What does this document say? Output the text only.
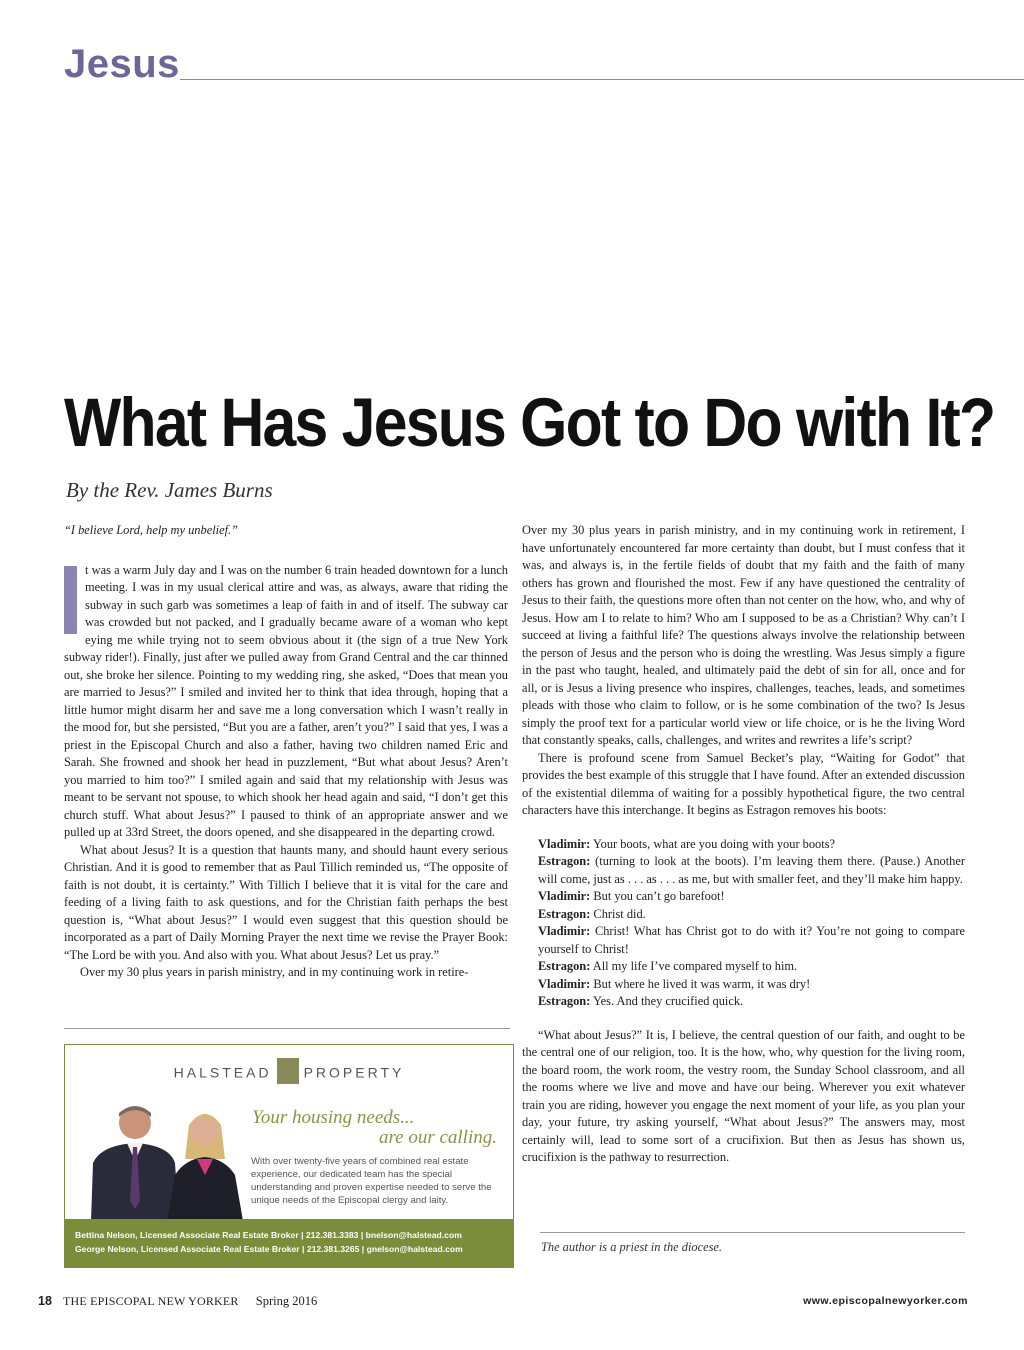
Jesus
What Has Jesus Got to Do with It?
By the Rev. James Burns

“I believe Lord, help my unbelief.”

t was a warm July day and I was on the number 6 train headed downtown for a lunch meeting. I was in my usual clerical attire and was, as always, aware that riding the subway in such garb was sometimes a leap of faith in and of itself. The subway car was crowded but not packed, and I gradually became aware of a woman who kept eying me while trying not to seem obvious about it (the sign of a true New York subway rider!). Finally, just after we pulled away from Grand Central and the car thinned out, she broke her silence. Pointing to my wedding ring, she asked, “Does that mean you are married to Jesus?” I smiled and invited her to think that idea through, hoping that a little humor might disarm her and save me a long conversation which I wasn’t really in the mood for, but she persisted, “But you are a father, aren’t you?” I said that yes, I was a priest in the Episcopal Church and also a father, having two children named Eric and Sarah. She frowned and shook her head in puzzlement, “But what about Jesus? Aren’t you married to him too?” I smiled again and said that my relationship with Jesus was meant to be servant not spouse, to which shook her head again and said, “I don’t get this church stuff. What about Jesus?” I paused to think of an appropriate answer and we pulled up at 33rd Street, the doors opened, and she disappeared in the departing crowd.

What about Jesus? It is a question that haunts many, and should haunt every serious Christian. And it is good to remember that as Paul Tillich reminded us, “The opposite of faith is not doubt, it is certainty.” With Tillich I believe that it is vital for the care and feeding of a living faith to ask questions, and for the Christian faith perhaps the best question is, “What about Jesus?” I would even suggest that this question should be incorporated as a part of Daily Morning Prayer the next time we revise the Prayer Book: “The Lord be with you. And also with you. What about Jesus? Let us pray.”

Over my 30 plus years in parish ministry, and in my continuing work in retire-

Over my 30 plus years in parish ministry, and in my continuing work in retirement, I have unfortunately encountered far more certainty than doubt, but I must confess that it was, and always is, in the fertile fields of doubt that my faith and the faith of many others has grown and flourished the most. Few if any have questioned the centrality of Jesus to their faith, the questions more often than not center on the how, who, and why of Jesus. How am I to relate to him? Who am I supposed to be as a Christian? Why can’t I succeed at living a faithful life? The questions always involve the relationship between the person of Jesus and the person who is doing the wrestling. Was Jesus simply a figure in the past who taught, healed, and ultimately paid the debt of sin for all, once and for all, or is Jesus a living presence who inspires, challenges, teaches, leads, and sometimes pleads with those who claim to follow, or is he some combination of the two? Is Jesus simply the proof text for a particular world view or life choice, or is he the living Word that constantly speaks, calls, challenges, and writes and rewrites a life’s script?

There is profound scene from Samuel Becket’s play, “Waiting for Godot” that provides the best example of this struggle that I have found. After an extended discussion of the existential dilemma of waiting for a possibly hypothetical figure, the two central characters have this interchange. It begins as Estragon removes his boots:

Vladimir: Your boots, what are you doing with your boots?

Estragon: (turning to look at the boots). I’m leaving them there. (Pause.) Another will come, just as . . . as . . . as me, but with smaller feet, and they’ll make him happy.

Vladimir: But you can’t go barefoot!

Estragon: Christ did.

Vladimir: Christ! What has Christ got to do with it? You’re not going to compare yourself to Christ!

Estragon: All my life I’ve compared myself to him.

Vladimir: But where he lived it was warm, it was dry!

Estragon: Yes. And they crucified quick.

“What about Jesus?” It is, I believe, the central question of our faith, and ought to be the central one of our religion, too. It is the how, who, why question for the living room, the board room, the work room, the vestry room, the Sunday School classroom, and all the rooms where we live and move and have our being. Wherever you exit whatever train you are riding, however you engage the next moment of your life, as you plan your day, your future, try asking yourself, “What about Jesus?” The answers may, most certainly will, lead to some sort of a crucifixion. But then as Jesus has shown us, crucifixion is the pathway to resurrection.

The author is a priest in the diocese.
HALSTEAD PROPERTY
Your housing needs...
are our calling.
With over twenty-five years of combined real estate experience, our dedicated team has the special understanding and proven expertise needed to serve the unique needs of the Episcopal clergy and laity.
Bettina Nelson, Licensed Associate Real Estate Broker | 212.381.3383 | bnelson@halstead.com
George Nelson, Licensed Associate Real Estate Broker | 212.381.3265 | gnelson@halstead.com
18 THE EPISCOPAL NEW YORKER Spring 2016	www.episcopalnewyorker.com
